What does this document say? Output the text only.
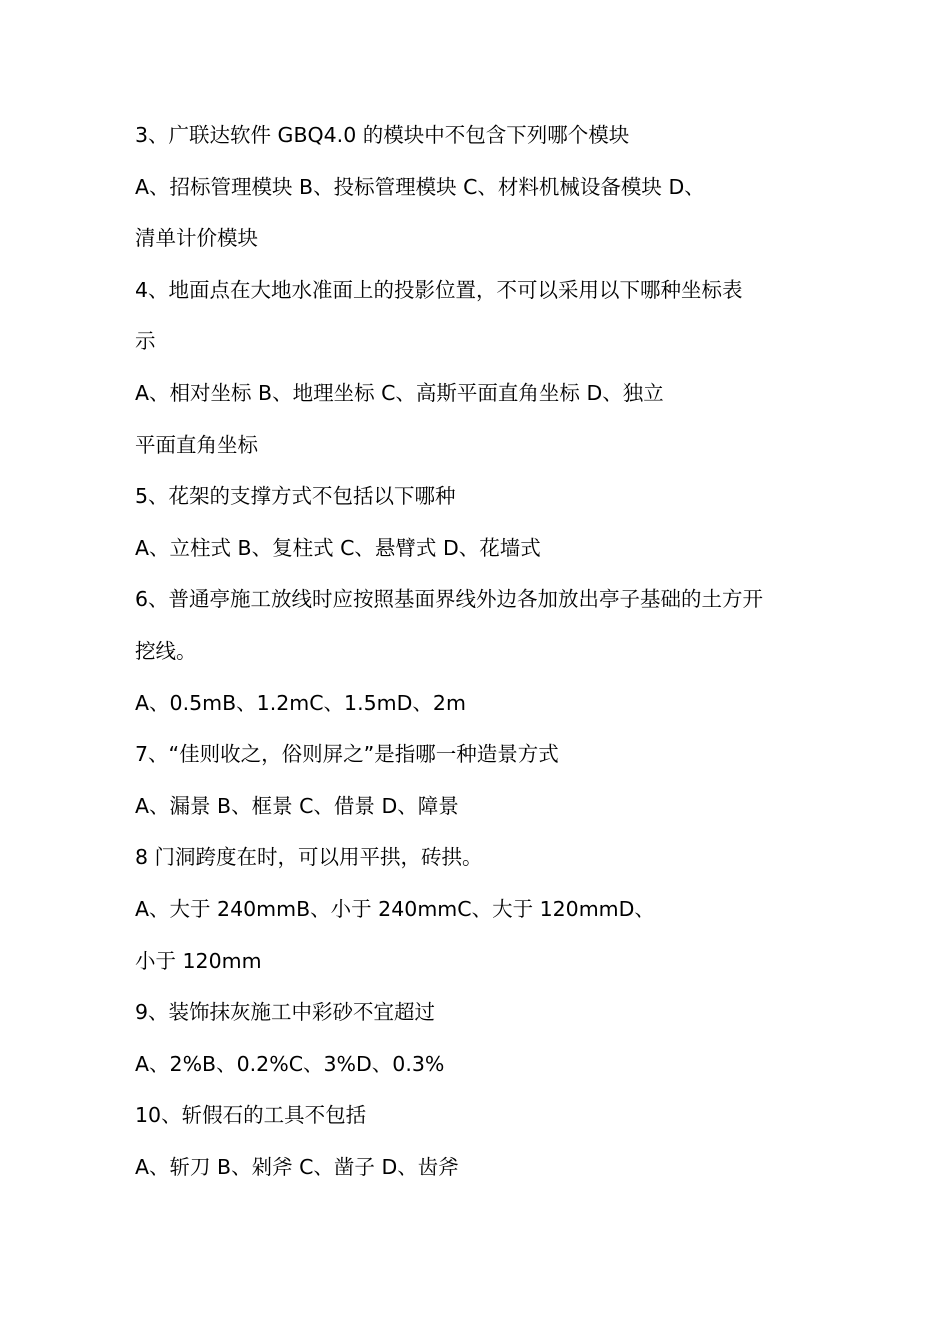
3、广联达软件 GBQ4.0 的模块中不包含下列哪个模块
A、招标管理模块 B、投标管理模块 C、材料机械设备模块 D、
清单计价模块
4、地面点在大地水准面上的投影位置，不可以采用以下哪种坐标表
示
A、相对坐标 B、地理坐标 C、高斯平面直角坐标 D、独立
平面直角坐标
5、花架的支撑方式不包括以下哪种
A、立柱式 B、复柱式 C、悬臂式 D、花墙式
6、普通亭施工放线时应按照基面界线外边各加放出亭子基础的土方开
挖线。
A、0.5mB、1.2mC、1.5mD、2m
7、“佳则收之，俗则屏之”是指哪一种造景方式
A、漏景 B、框景 C、借景 D、障景
8 门洞跨度在时，可以用平拱，砖拱。
A、大于 240mmB、小于 240mmC、大于 120mmD、
小于 120mm
9、装饰抹灰施工中彩砂不宜超过
A、2%B、0.2%C、3%D、0.3%
10、斩假石的工具不包括
A、斩刀 B、剁斧 C、凿子 D、齿斧
